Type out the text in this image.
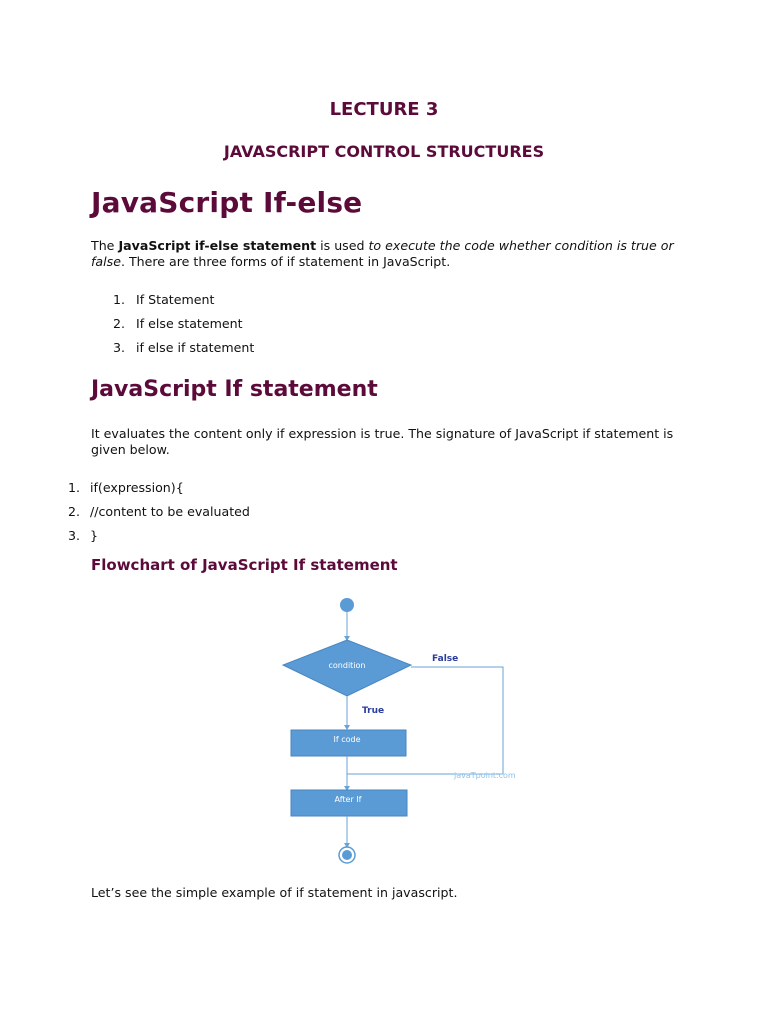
LECTURE 3
JAVASCRIPT CONTROL STRUCTURES
JavaScript If-else

The JavaScript if-else statement is used to execute the code whether condition is true or false. There are three forms of if statement in JavaScript.

1. If Statement
2. If else statement
3. if else if statement
JavaScript If statement

It evaluates the content only if expression is true. The signature of JavaScript if statement is given below.

1. if(expression){
2. //content to be evaluated
3. }
Flowchart of JavaScript If statement
condition
False
True
If code
javaTpoint.com
After If

Let’s see the simple example of if statement in javascript.
